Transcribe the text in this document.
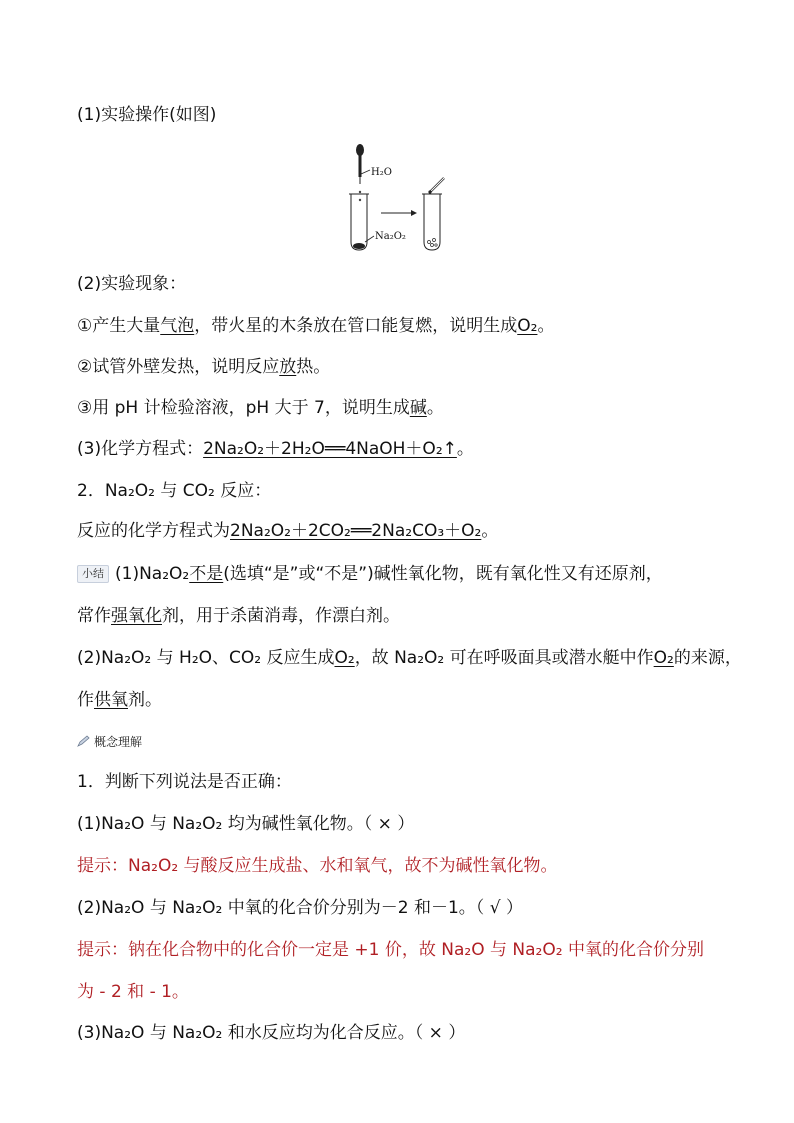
(1)实验操作(如图)
H₂O
Na₂O₂
(2)实验现象：
①产生大量气泡，带火星的木条放在管口能复燃，说明生成O₂。
②试管外壁发热，说明反应放热。
③用 pH 计检验溶液，pH 大于 7，说明生成碱。
(3)化学方程式：2Na₂O₂＋2H₂O══4NaOH＋O₂↑。
2．Na₂O₂ 与 CO₂ 反应：
反应的化学方程式为2Na₂O₂＋2CO₂══2Na₂CO₃＋O₂。
小结 (1)Na₂O₂不是(选填“是”或“不是”)碱性氧化物，既有氧化性又有还原剂，
常作强氧化剂，用于杀菌消毒，作漂白剂。
(2)Na₂O₂ 与 H₂O、CO₂ 反应生成O₂，故 Na₂O₂ 可在呼吸面具或潜水艇中作O₂的来源，
作供氧剂。
概念理解
1．判断下列说法是否正确：
(1)Na₂O 与 Na₂O₂ 均为碱性氧化物。（ × ）
提示：Na₂O₂ 与酸反应生成盐、水和氧气，故不为碱性氧化物。
(2)Na₂O 与 Na₂O₂ 中氧的化合价分别为－2 和－1。（ √ ）
提示：钠在化合物中的化合价一定是 +1 价，故 Na₂O 与 Na₂O₂ 中氧的化合价分别
为 - 2 和 - 1。
(3)Na₂O 与 Na₂O₂ 和水反应均为化合反应。（ × ）
